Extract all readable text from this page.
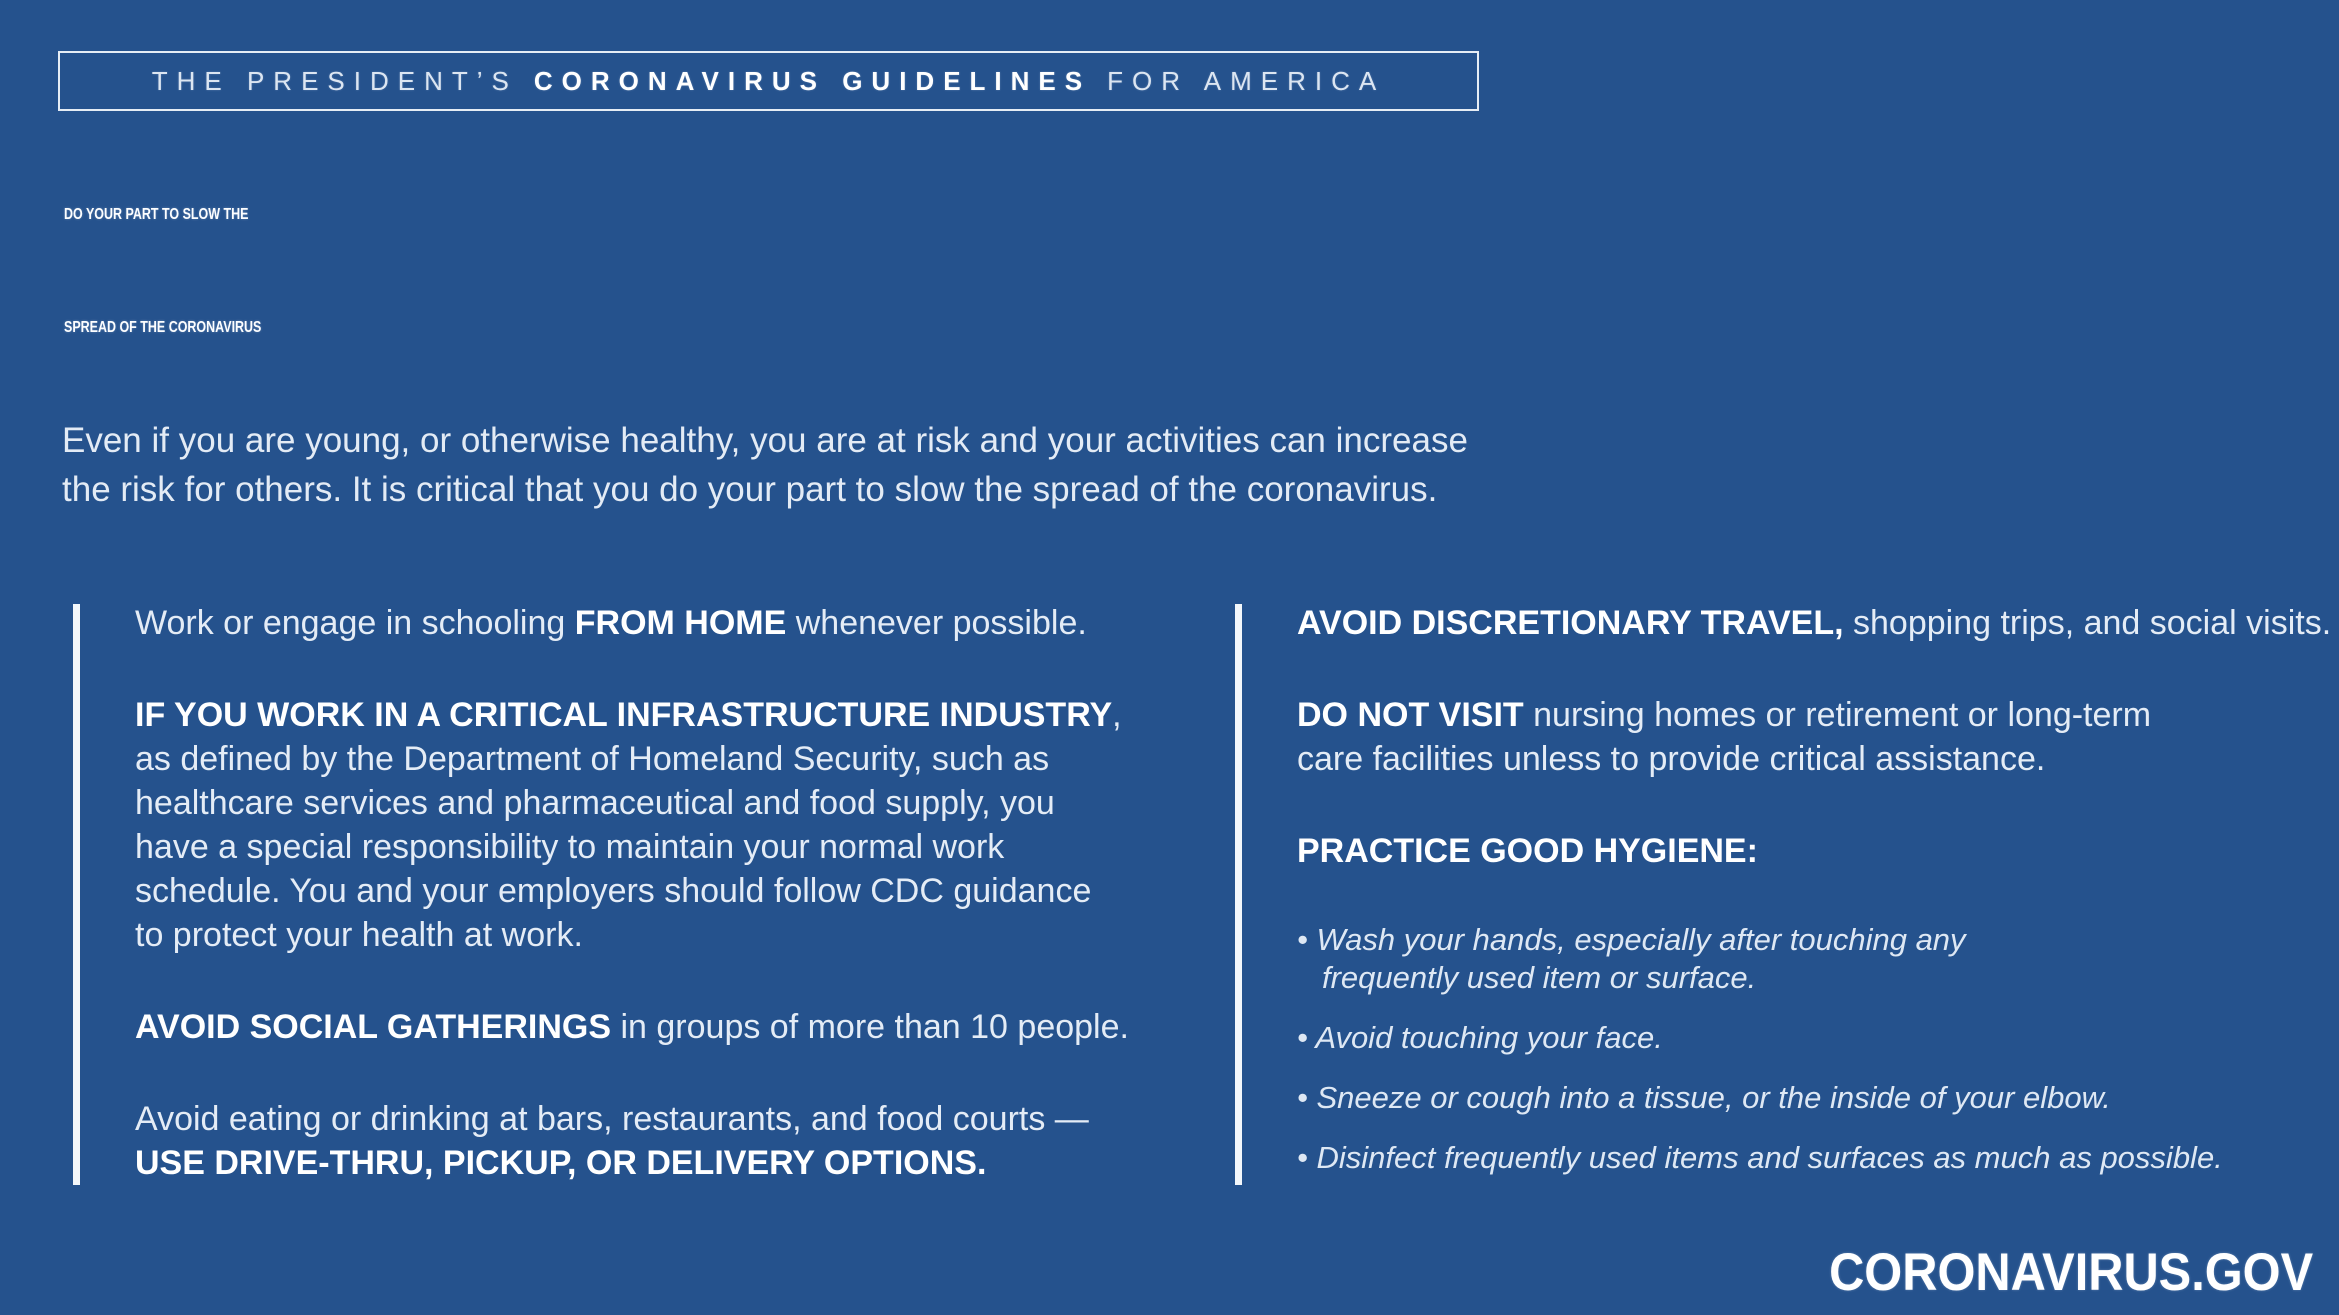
THE PRESIDENT’S CORONAVIRUS GUIDELINES FOR AMERICA
DO YOUR PART TO SLOW THE
SPREAD OF THE CORONAVIRUS
Even if you are young, or otherwise healthy, you are at risk and your activities can increase
the risk for others. It is critical that you do your part to slow the spread of the coronavirus.
Work or engage in schooling FROM HOME whenever possible.
IF YOU WORK IN A CRITICAL INFRASTRUCTURE INDUSTRY,
as defined by the Department of Homeland Security, such as
healthcare services and pharmaceutical and food supply, you
have a special responsibility to maintain your normal work
schedule. You and your employers should follow CDC guidance
to protect your health at work.
AVOID SOCIAL GATHERINGS in groups of more than 10 people.
Avoid eating or drinking at bars, restaurants, and food courts —
USE DRIVE-THRU, PICKUP, OR DELIVERY OPTIONS.
AVOID DISCRETIONARY TRAVEL, shopping trips, and social visits.
DO NOT VISIT nursing homes or retirement or long-term
care facilities unless to provide critical assistance.
PRACTICE GOOD HYGIENE:
• Wash your hands, especially after touching any
frequently used item or surface.
• Avoid touching your face.
• Sneeze or cough into a tissue, or the inside of your elbow.
• Disinfect frequently used items and surfaces as much as possible.
CORONAVIRUS.GOV
